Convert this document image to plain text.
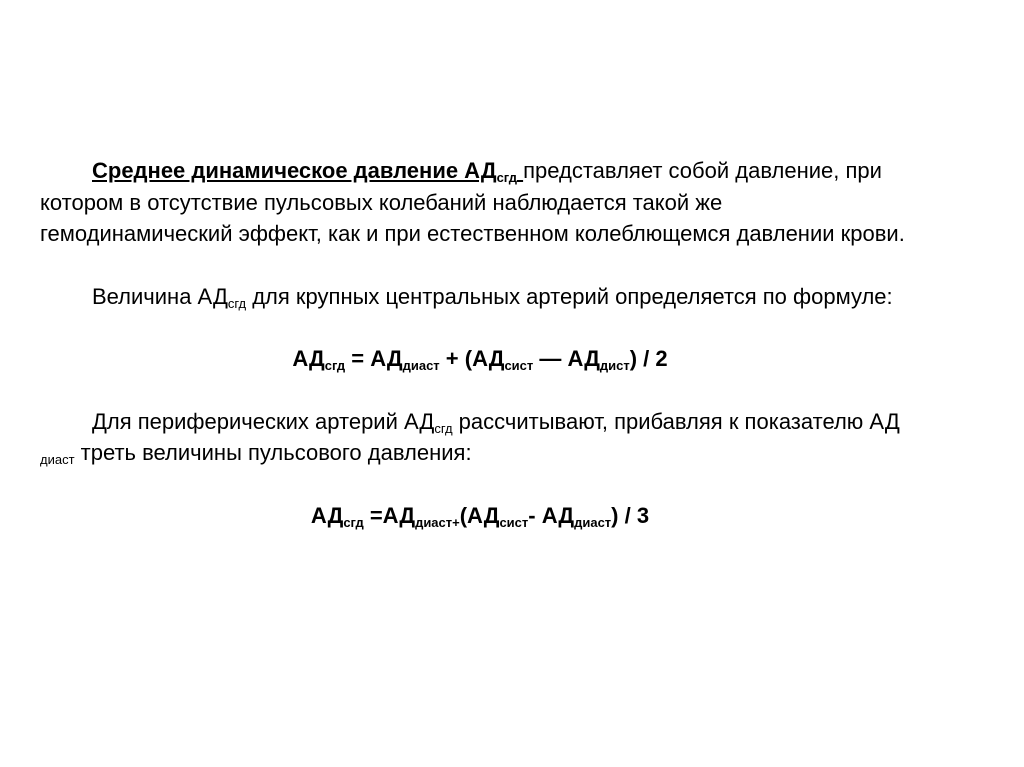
Среднее динамическое давление $АД_{сгд}$ представляет собой давление, при котором в отсутствие пульсовых колебаний наблюдается такой же гемодинамический эффект, как и при естественном колеблющемся давлении крови.

Величина $АД_{сгд}$ для крупных центральных артерий определяется по формуле:

$АД_{сгд} = АД_{диаст} + (АД_{сист}$ — $АД_{дист}) / 2$

Для периферических артерий $АД_{сгд}$ рассчитывают, прибавляя к показателю АД $_{диаст}$ треть величины пульсового давления:

$АД_{сгд} =АД_{диаст+}(АД_{сист}-$ $АД_{диаст}) / 3$
